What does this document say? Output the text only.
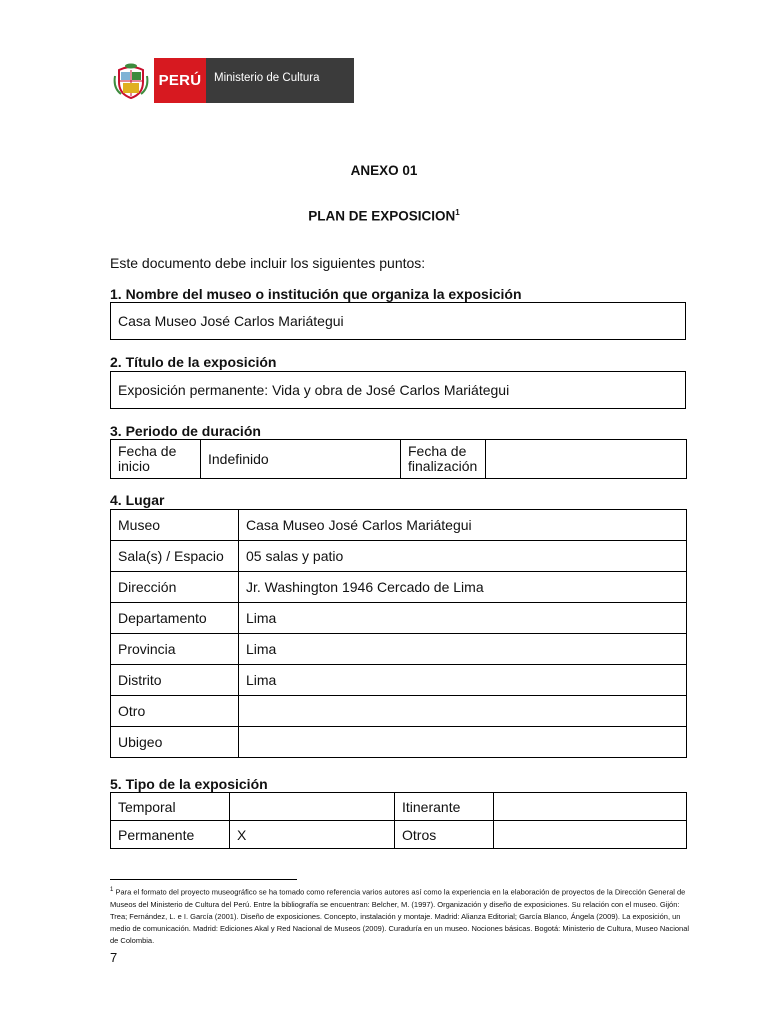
PERÚ	Ministerio de Cultura
ANEXO 01
PLAN DE EXPOSICION$^1$
Este documento debe incluir los siguientes puntos:
1. Nombre del museo o institución que organiza la exposición
Casa Museo José Carlos Mariátegui
2. Título de la exposición
Exposición permanente: Vida y obra de José Carlos Mariátegui
3. Periodo de duración
Fecha de inicio	Indefinido	Fecha de finalización	
4. Lugar
Museo	Casa Museo José Carlos Mariátegui
Sala(s) / Espacio	05 salas y patio
Dirección	Jr. Washington 1946 Cercado de Lima
Departamento	Lima
Provincia	Lima
Distrito	Lima
Otro	
Ubigeo	
5. Tipo de la exposición
Temporal		Itinerante	
Permanente	X	Otros	
$^1$ Para el formato del proyecto museográfico se ha tomado como referencia varios autores así como la experiencia en la elaboración de proyectos de la Dirección General de Museos del Ministerio de Cultura del Perú. Entre la bibliografía se encuentran: Belcher, M. (1997). Organización y diseño de exposiciones. Su relación con el museo. Gijón: Trea; Fernández, L. e I. García (2001). Diseño de exposiciones. Concepto, instalación y montaje. Madrid: Alianza Editorial; García Blanco, Ángela (2009). La exposición, un medio de comunicación. Madrid: Ediciones Akal y Red Nacional de Museos (2009). Curaduría en un museo. Nociones básicas. Bogotá: Ministerio de Cultura, Museo Nacional de Colombia.
7
